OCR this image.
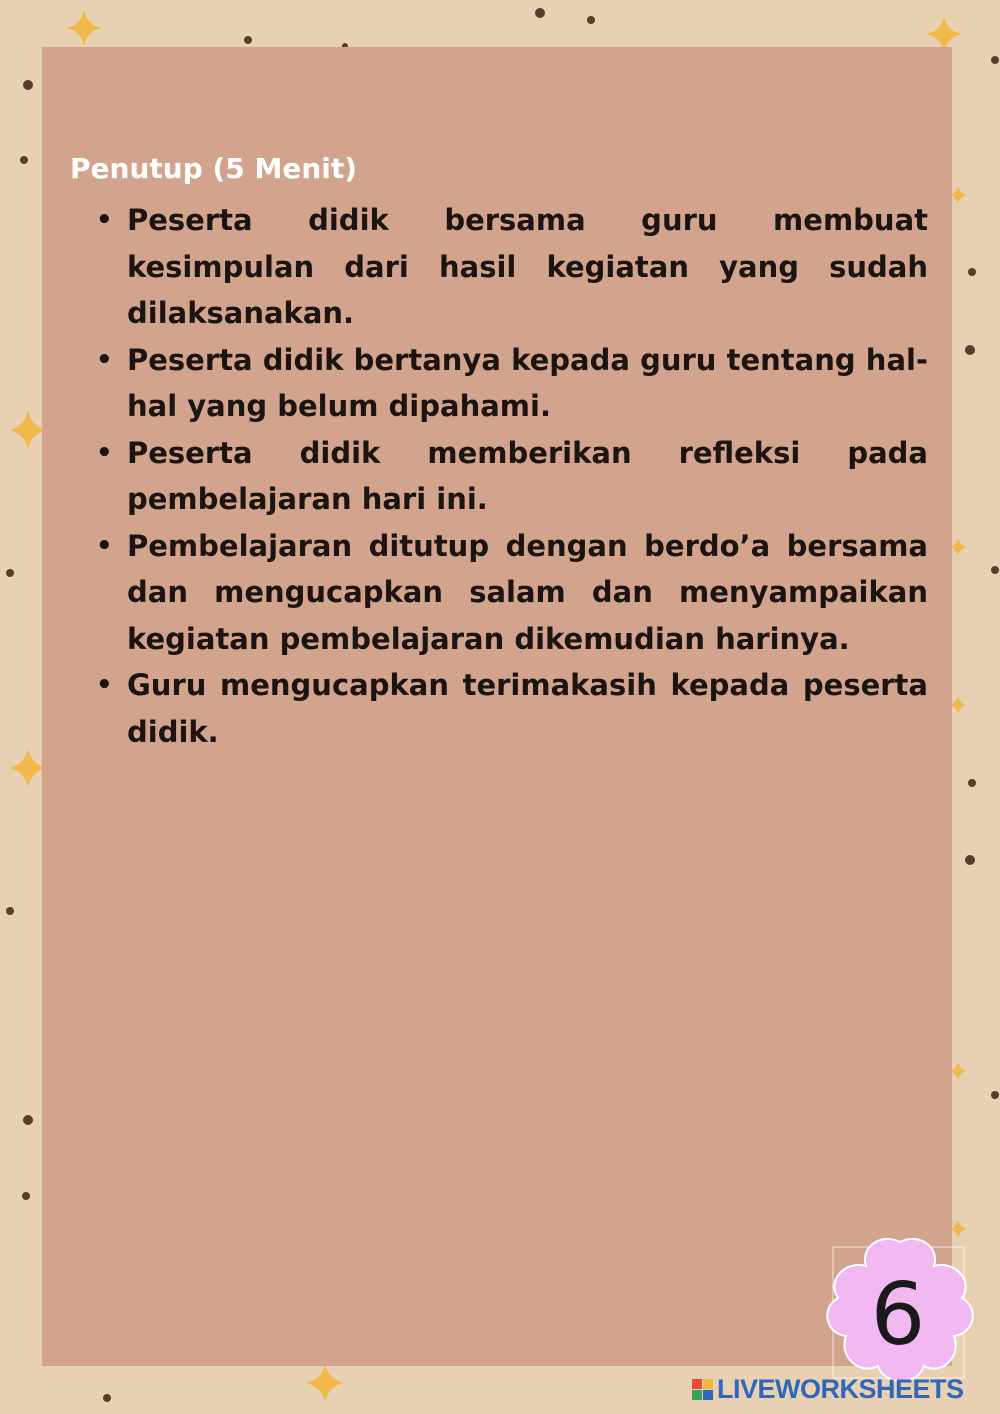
Penutup (5 Menit)
• Peserta didik bersama guru membuat kesimpulan dari hasil kegiatan yang sudah dilaksanakan.
• Peserta didik bertanya kepada guru tentang hal-hal yang belum dipahami.
• Peserta didik memberikan refleksi pada pembelajaran hari ini.
• Pembelajaran ditutup dengan berdo’a bersama dan mengucapkan salam dan menyampaikan kegiatan pembelajaran dikemudian harinya.
• Guru mengucapkan terimakasih kepada peserta didik.
6
LIVEWORKSHEETS
